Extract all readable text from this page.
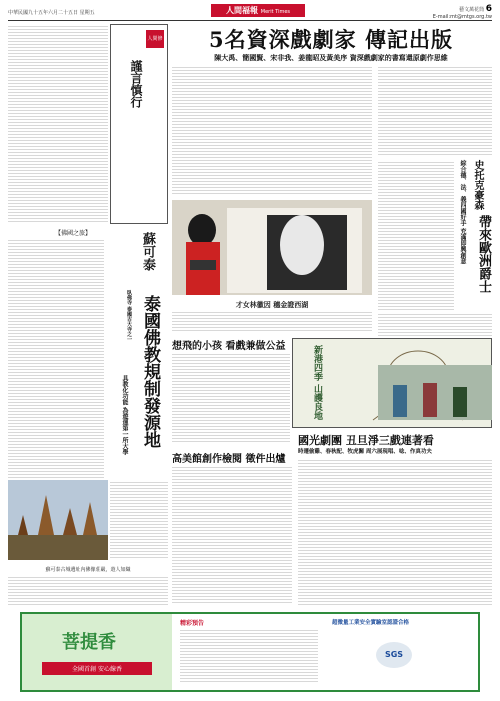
中華民國九十五年六月二十五日 星期五	人間福報 Merit Times	藝文萬花筒 6
E-mail:mt@mtgs.org.tw
人間修行
謹言慎行
【佛國之旅】	蘇可泰
臥佛寺 泰國古大寺之一 泰國佛教規制發源地
具教化功能 為遊運第一所大學
蘇可泰古城遺址內佛像莊嚴，遊人如織
5名資深戲劇家 傳記出版
陳大禹、簡國賢、宋非我、姜龍昭及黃美序 資深戲劇家的書寫還原劇作思維
才女林徽因 穗金證西湖
史托克豪森
綜合德、法、義四國好手 充滿即興創意 帶來歐洲爵士
想飛的小孩 看戲兼做公益	新港四季 山護良地
國光劇團 丑旦淨三戲連著看
時遷偷雞、春秋配、牧虎關 周六展現唱、唸、作真功夫
高美館創作檢閱 徵件出爐
菩提香
全國首創 安心線香
精彩預告	超微量工業安全實驗室認證合格
SGS
